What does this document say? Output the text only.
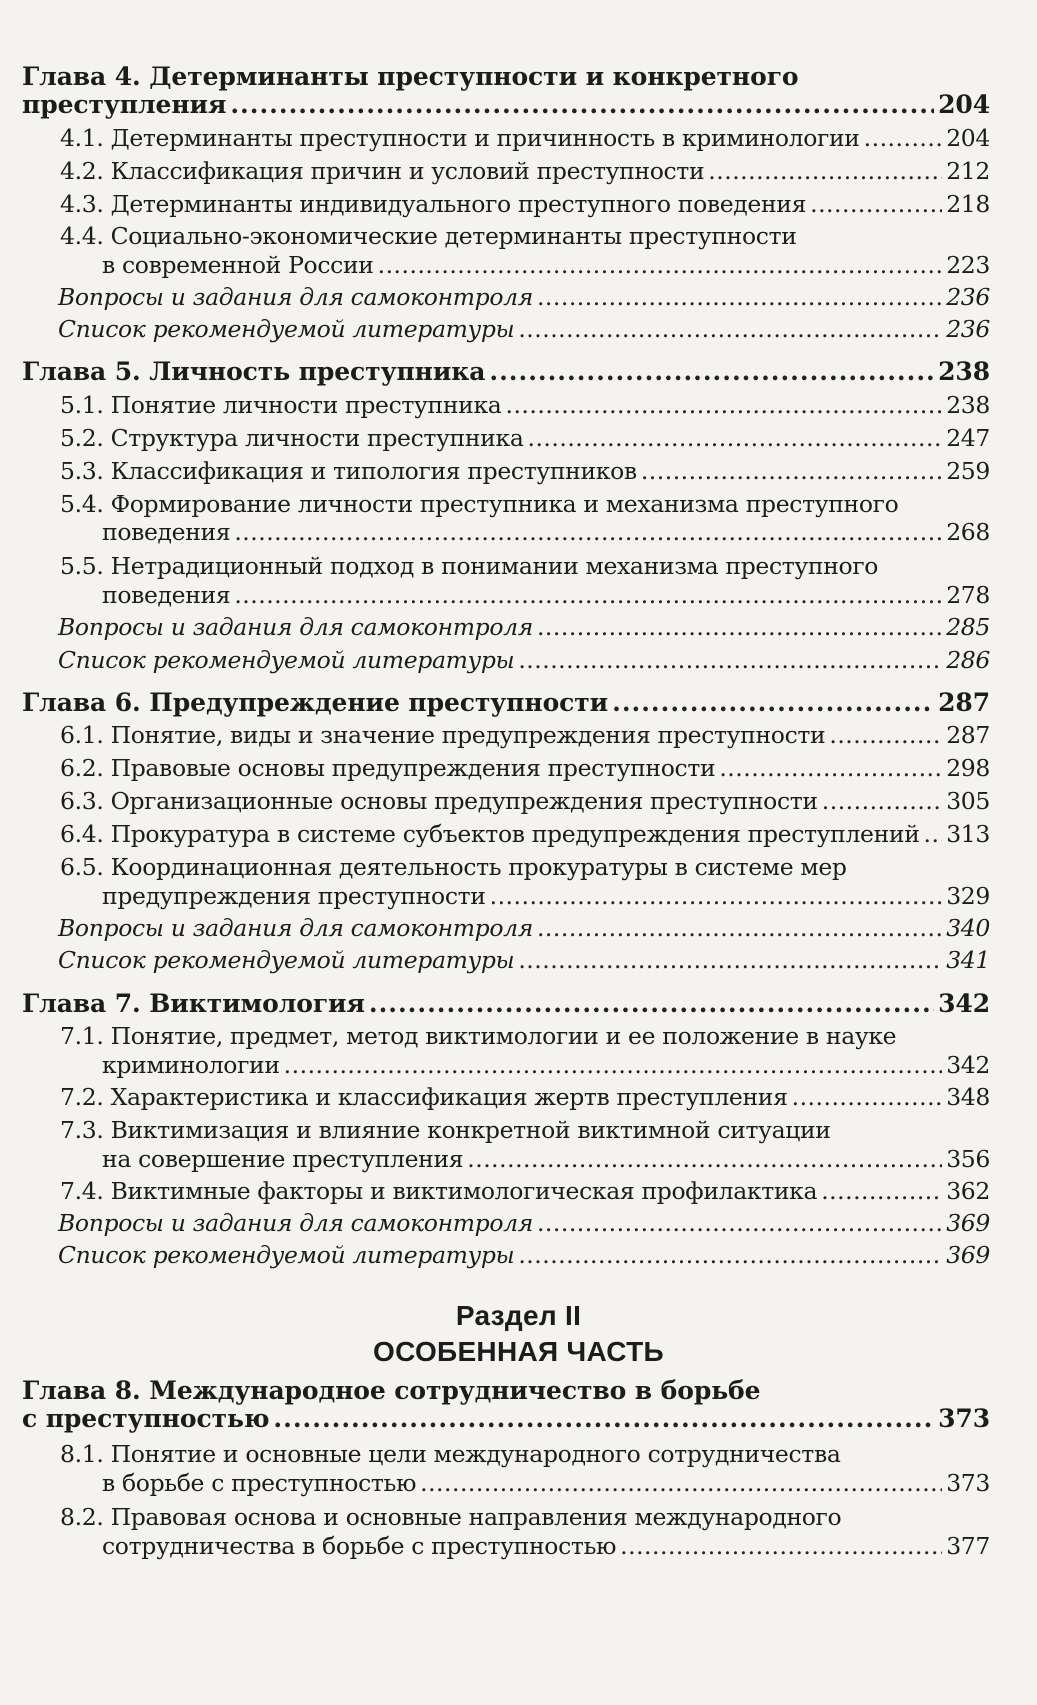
Глава 4. Детерминанты преступности и конкретного
преступления .....	204
4.1. Детерминанты преступности и причинность в криминологии .....	204
4.2. Классификация причин и условий преступности .....	212
4.3. Детерминанты индивидуального преступного поведения .....	218
4.4. Социально-экономические детерминанты преступности
в современной России .....	223
Вопросы и задания для самоконтроля .....	236
Список рекомендуемой литературы .....	236
Глава 5. Личность преступника .....	238
5.1. Понятие личности преступника .....	238
5.2. Структура личности преступника .....	247
5.3. Классификация и типология преступников .....	259
5.4. Формирование личности преступника и механизма преступного
поведения .....	268
5.5. Нетрадиционный подход в понимании механизма преступного
поведения .....	278
Вопросы и задания для самоконтроля .....	285
Список рекомендуемой литературы .....	286
Глава 6. Предупреждение преступности .....	287
6.1. Понятие, виды и значение предупреждения преступности .....	287
6.2. Правовые основы предупреждения преступности .....	298
6.3. Организационные основы предупреждения преступности .....	305
6.4. Прокуратура в системе субъектов предупреждения преступлений ..... 313
6.5. Координационная деятельность прокуратуры в системе мер
предупреждения преступности .....	329
Вопросы и задания для самоконтроля .....	340
Список рекомендуемой литературы .....	341
Глава 7. Виктимология .....	342
7.1. Понятие, предмет, метод виктимологии и ее положение в науке
криминологии .....	342
7.2. Характеристика и классификация жертв преступления .....	348
7.3. Виктимизация и влияние конкретной виктимной ситуации
на совершение преступления .....	356
7.4. Виктимные факторы и виктимологическая профилактика .....	362
Вопросы и задания для самоконтроля .....	369
Список рекомендуемой литературы .....	369
Раздел II
ОСОБЕННАЯ ЧАСТЬ
Глава 8. Международное сотрудничество в борьбе
с преступностью .....	373
8.1. Понятие и основные цели международного сотрудничества
в борьбе с преступностью .....	373
8.2. Правовая основа и основные направления международного
сотрудничества в борьбе с преступностью .....	377
